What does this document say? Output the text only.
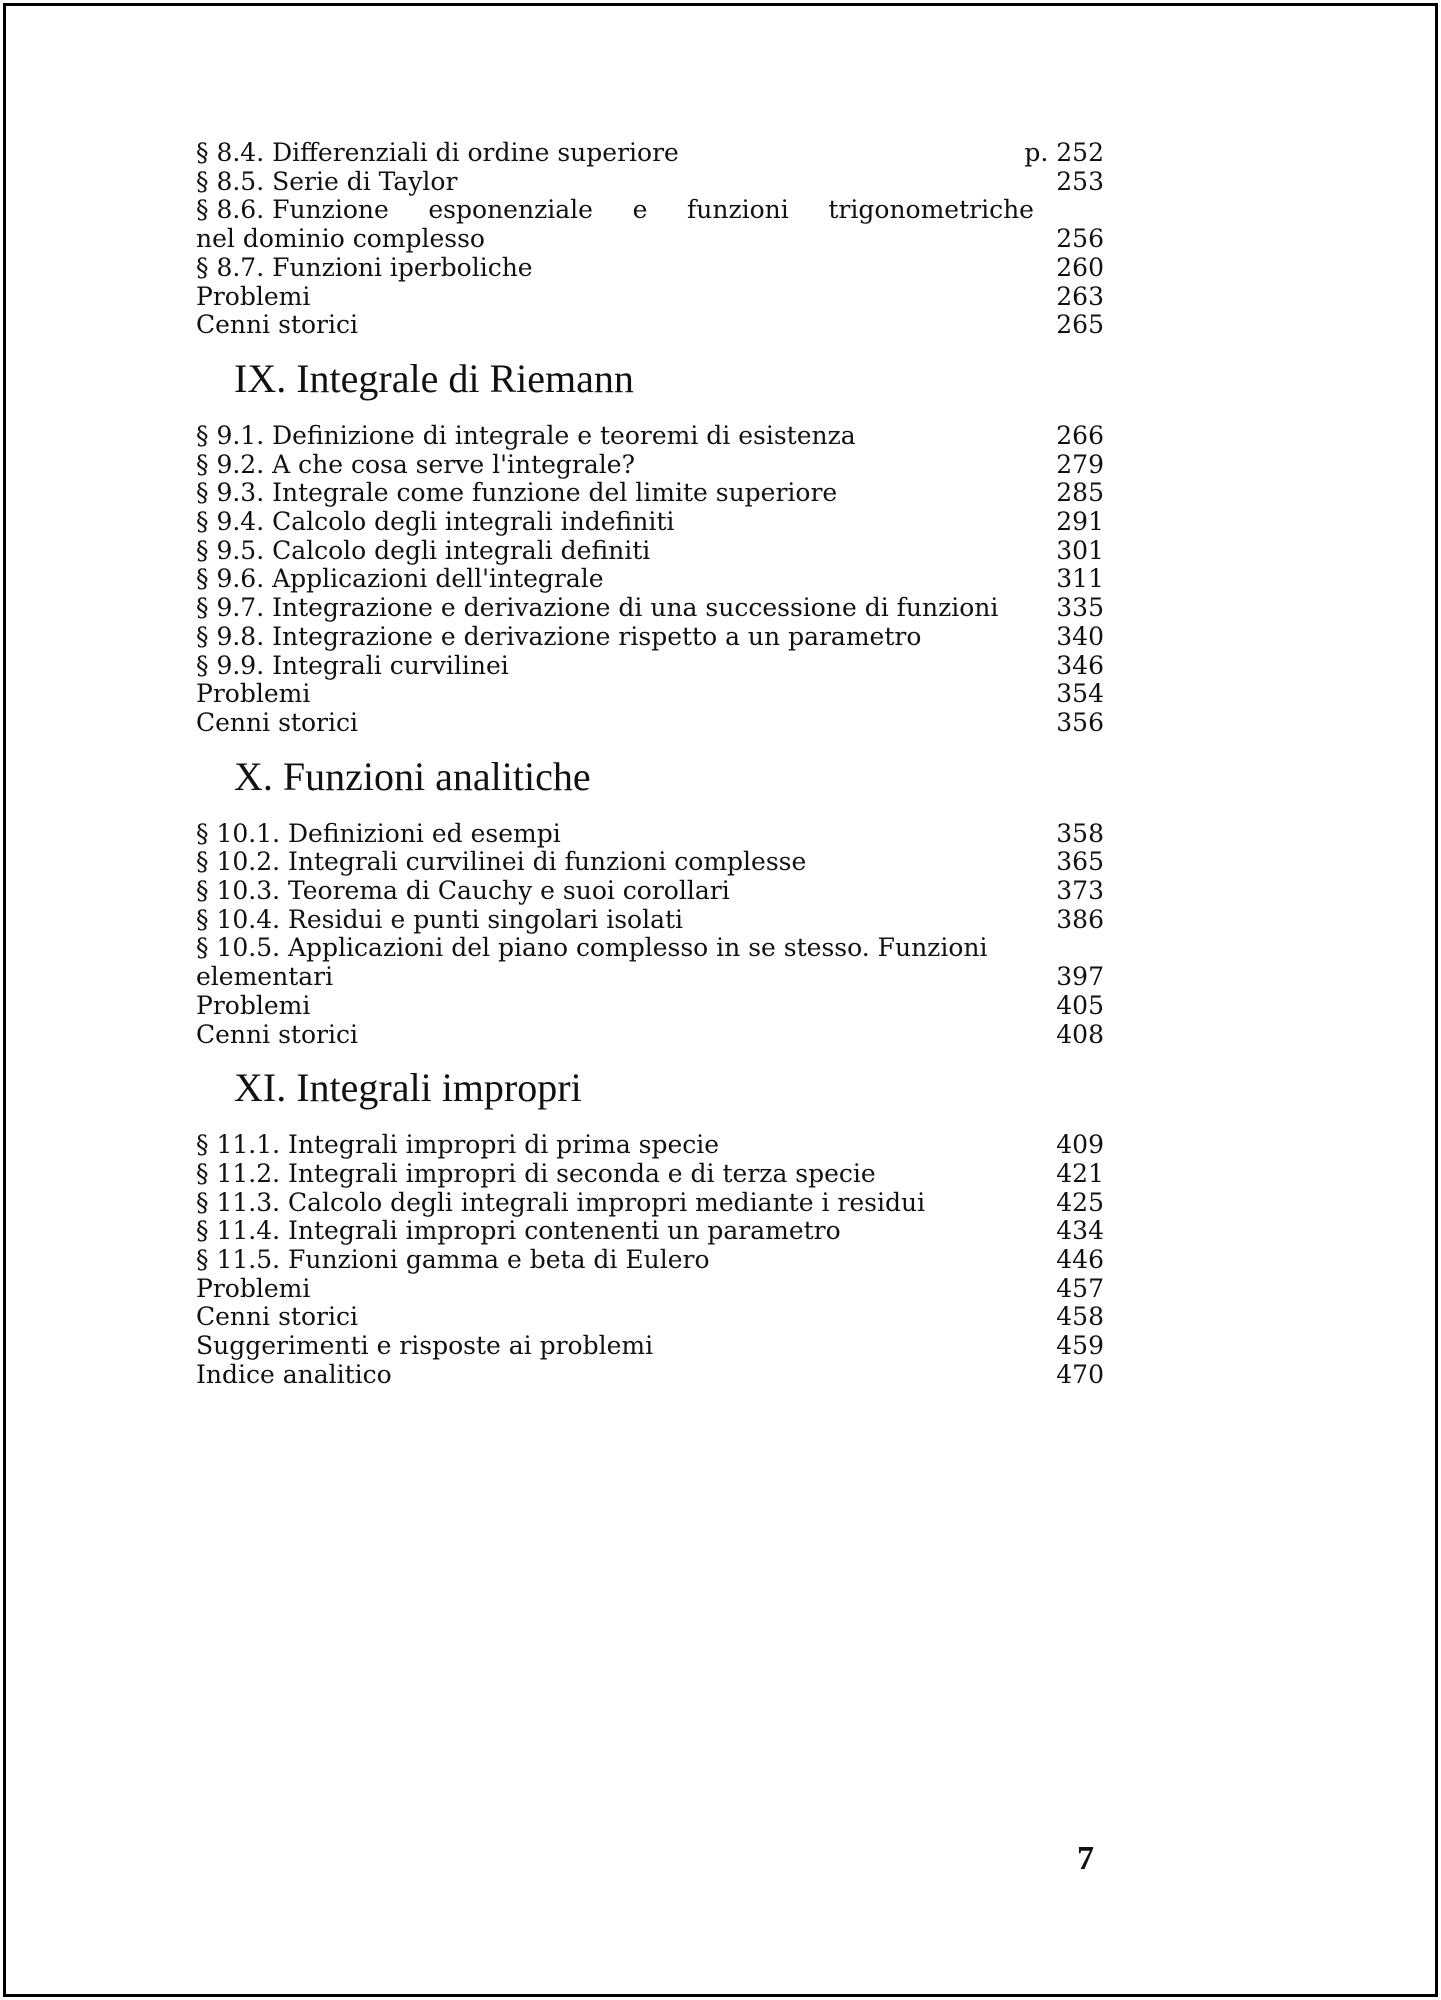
7
§ 8.4. Differenziali di ordine superiore	p. 252
§ 8.5. Serie di Taylor	253
§ 8.6. Funzione esponenziale e funzioni trigonometriche
nel dominio complesso	256
§ 8.7. Funzioni iperboliche	260
Problemi	263
Cenni storici	265
IX. Integrale di Riemann
§ 9.1. Definizione di integrale e teoremi di esistenza	266
§ 9.2. A che cosa serve l'integrale?	279
§ 9.3. Integrale come funzione del limite superiore	285
§ 9.4. Calcolo degli integrali indefiniti	291
§ 9.5. Calcolo degli integrali definiti	301
§ 9.6. Applicazioni dell'integrale	311
§ 9.7. Integrazione e derivazione di una successione di funzioni 335
§ 9.8. Integrazione e derivazione rispetto a un parametro	340
§ 9.9. Integrali curvilinei	346
Problemi	354
Cenni storici	356
X. Funzioni analitiche
§ 10.1. Definizioni ed esempi	358
§ 10.2. Integrali curvilinei di funzioni complesse	365
§ 10.3. Teorema di Cauchy e suoi corollari	373
§ 10.4. Residui e punti singolari isolati	386
§ 10.5. Applicazioni del piano complesso in se stesso. Funzioni
elementari	397
Problemi	405
Cenni storici	408
XI. Integrali impropri
§ 11.1. Integrali impropri di prima specie	409
§ 11.2. Integrali impropri di seconda e di terza specie	421
§ 11.3. Calcolo degli integrali impropri mediante i residui	425
§ 11.4. Integrali impropri contenenti un parametro	434
§ 11.5. Funzioni gamma e beta di Eulero	446
Problemi	457
Cenni storici	458
Suggerimenti e risposte ai problemi	459
Indice analitico	470
